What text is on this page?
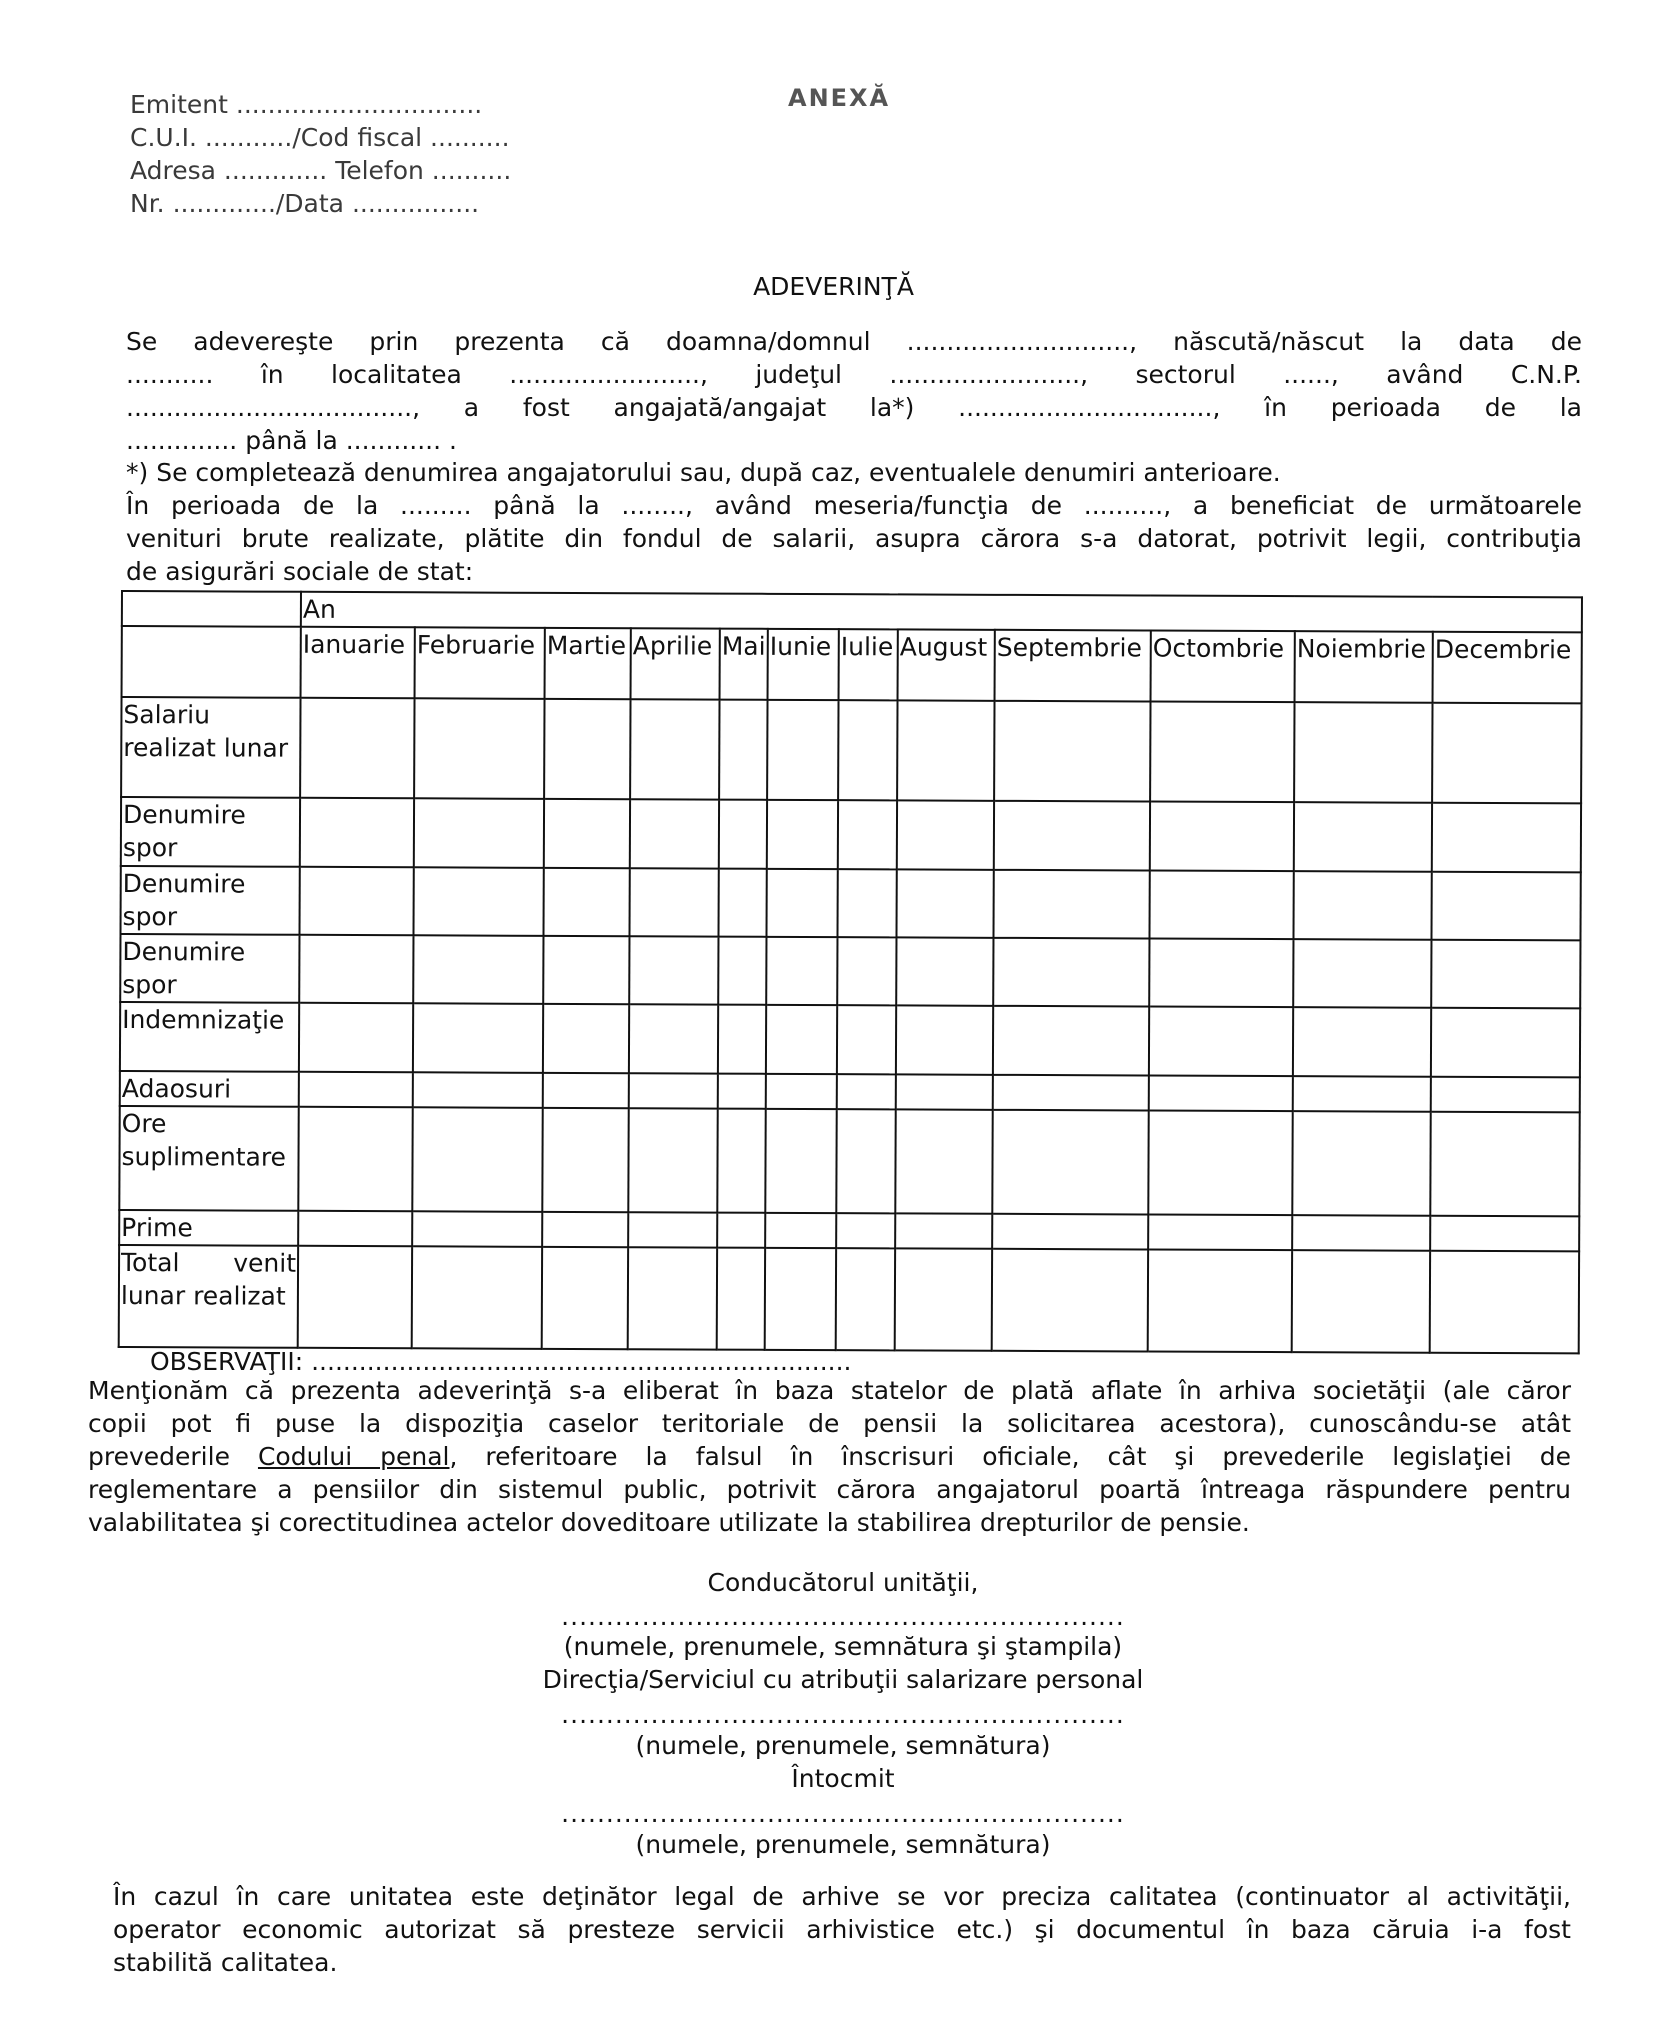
ANEXĂ
Emitent ...............................
C.U.I. .........../Cod fiscal ..........
Adresa ............. Telefon ..........
Nr. ............./Data ................
ADEVERINŢĂ
Se adevereşte prin prezenta că doamna/domnul ............................, născută/născut la data de
........... în localitatea ........................, judeţul ........................, sectorul ......, având C.N.P.
...................................., a fost angajată/angajat la*) ................................, în perioada de la
.............. până la ............ .
*) Se completează denumirea angajatorului sau, după caz, eventualele denumiri anterioare.
În perioada de la ......... până la ........, având meseria/funcţia de .........., a beneficiat de următoarele
venituri brute realizate, plătite din fondul de salarii, asupra cărora s-a datorat, potrivit legii, contribuţia
de asigurări sociale de stat:
	An											
	Ianuarie	Februarie	Martie	Aprilie	Mai	Iunie	Iulie	August	Septembrie	Octombrie	Noiembrie	Decembrie
Salariu realizat lunar												
Denumire spor												
Denumire spor												
Denumire spor												
Indemnizaţie												
Adaosuri												
Ore suplimentare												
Prime												
Total venit lunar realizat												
OBSERVAŢII: ....................................................................
Menţionăm că prezenta adeverinţă s-a eliberat în baza statelor de plată aflate în arhiva societăţii (ale căror
copii pot fi puse la dispoziţia caselor teritoriale de pensii la solicitarea acestora), cunoscându-se atât
prevederile Codului penal, referitoare la falsul în înscrisuri oficiale, cât şi prevederile legislaţiei de
reglementare a pensiilor din sistemul public, potrivit cărora angajatorul poartă întreaga răspundere pentru
valabilitatea şi corectitudinea actelor doveditoare utilizate la stabilirea drepturilor de pensie.
Conducătorul unităţii,
...............................................................
(numele, prenumele, semnătura şi ştampila)
Direcţia/Serviciul cu atribuţii salarizare personal
...............................................................
(numele, prenumele, semnătura)
Întocmit
...............................................................
(numele, prenumele, semnătura)
În cazul în care unitatea este deţinător legal de arhive se vor preciza calitatea (continuator al activităţii,
operator economic autorizat să presteze servicii arhivistice etc.) şi documentul în baza căruia i-a fost
stabilită calitatea.
